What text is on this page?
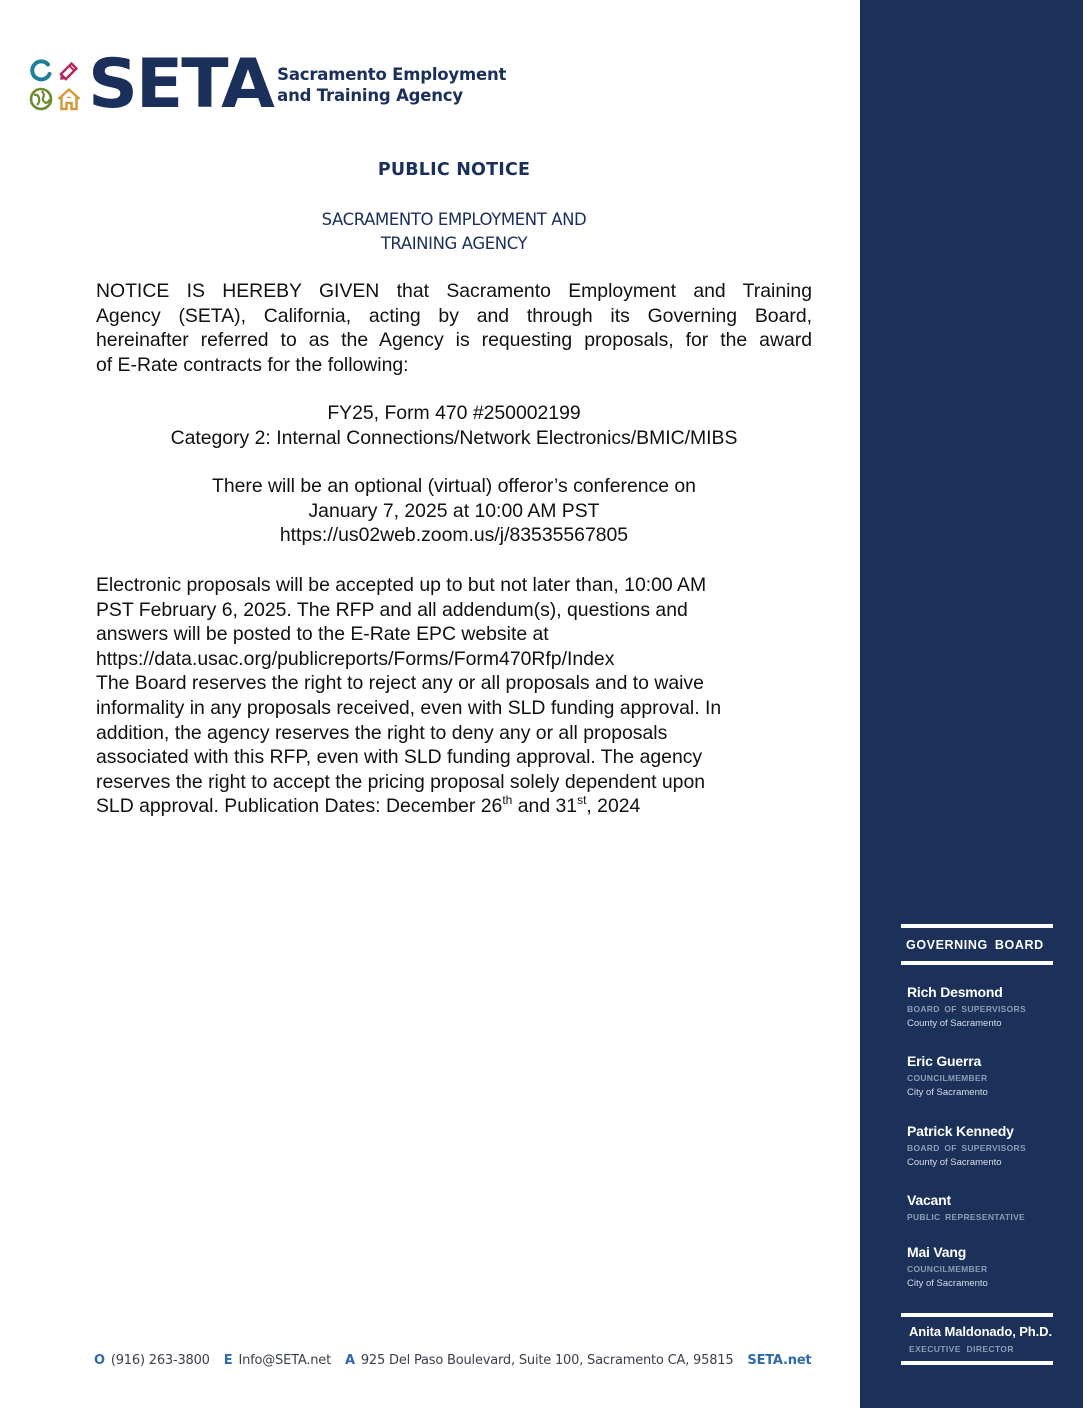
SETA Sacramento Employment
and Training Agency
PUBLIC NOTICE
SACRAMENTO EMPLOYMENT AND
TRAINING AGENCY
NOTICE IS HEREBY GIVEN that Sacramento Employment and Training
Agency (SETA), California, acting by and through its Governing Board,
hereinafter referred to as the Agency is requesting proposals, for the award
of E-Rate contracts for the following:
FY25, Form 470 #250002199
Category 2: Internal Connections/Network Electronics/BMIC/MIBS
There will be an optional (virtual) offeror’s conference on
January 7, 2025 at 10:00 AM PST
https://us02web.zoom.us/j/83535567805
Electronic proposals will be accepted up to but not later than, 10:00 AM
PST February 6, 2025. The RFP and all addendum(s), questions and
answers will be posted to the E-Rate EPC website at
https://data.usac.org/publicreports/Forms/Form470Rfp/Index
The Board reserves the right to reject any or all proposals and to waive
informality in any proposals received, even with SLD funding approval. In
addition, the agency reserves the right to deny any or all proposals
associated with this RFP, even with SLD funding approval. The agency
reserves the right to accept the pricing proposal solely dependent upon
SLD approval. Publication Dates: December 26th and 31st, 2024
O (916) 263-3800 E Info@SETA.net A 925 Del Paso Boulevard, Suite 100, Sacramento CA, 95815 SETA.net
GOVERNING BOARD
Rich Desmond
BOARD OF SUPERVISORS
County of Sacramento
Eric Guerra
COUNCILMEMBER
City of Sacramento
Patrick Kennedy
BOARD OF SUPERVISORS
County of Sacramento
Vacant
PUBLIC REPRESENTATIVE
Mai Vang
COUNCILMEMBER
City of Sacramento
Anita Maldonado, Ph.D.
EXECUTIVE DIRECTOR
